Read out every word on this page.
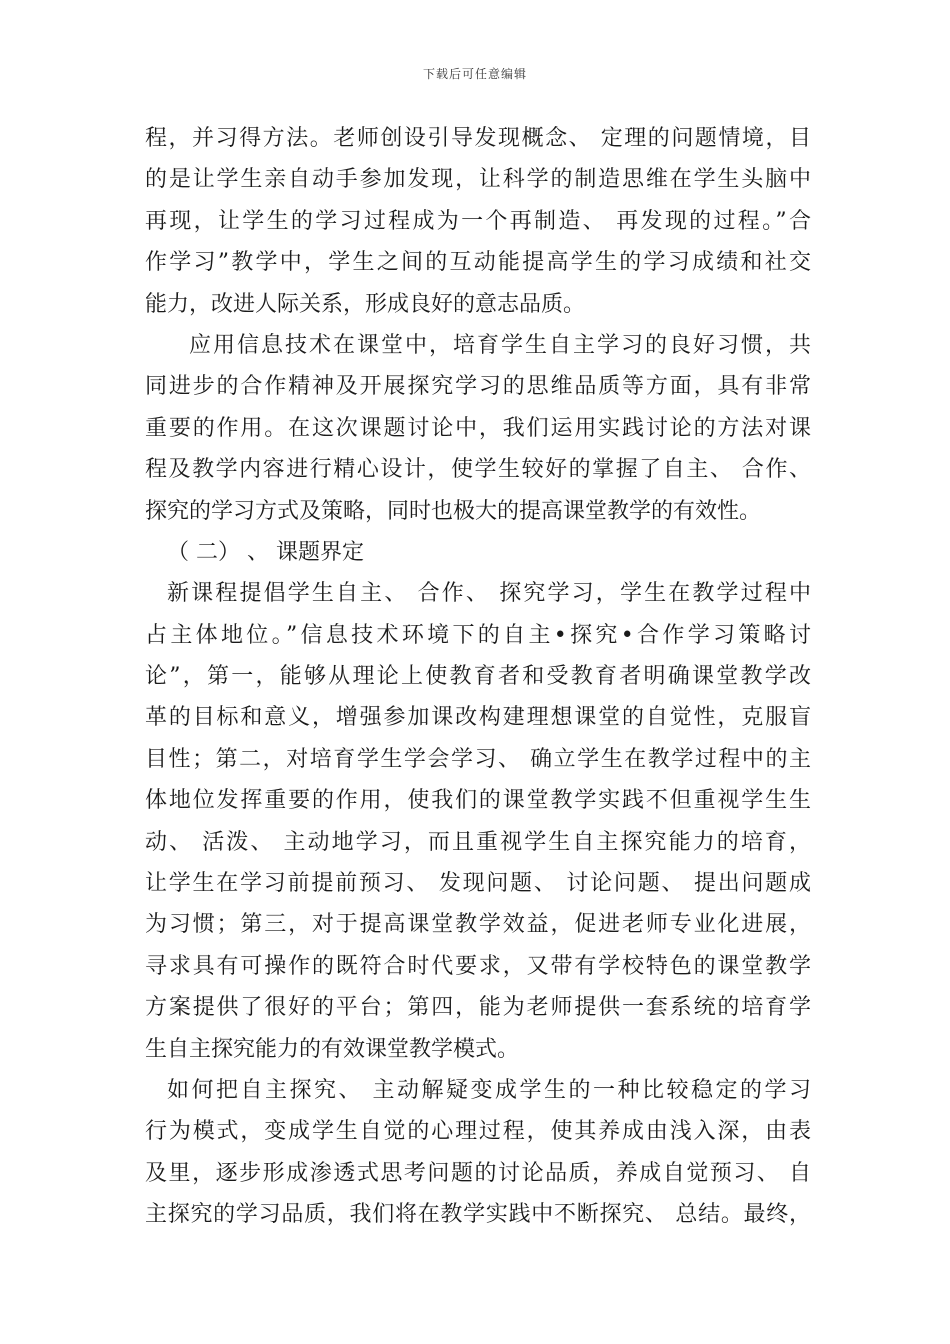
下载后可任意编辑
程，并习得方法。老师创设引导发现概念、 定理的问题情境，目
的是让学生亲自动手参加发现，让科学的制造思维在学生头脑中
再现，让学生的学习过程成为一个再制造、 再发现的过程。”合
作学习”教学中，学生之间的互动能提高学生的学习成绩和社交
能力，改进人际关系，形成良好的意志品质。
应用信息技术在课堂中，培育学生自主学习的良好习惯，共
同进步的合作精神及开展探究学习的思维品质等方面，具有非常
重要的作用。在这次课题讨论中，我们运用实践讨论的方法对课
程及教学内容进行精心设计，使学生较好的掌握了自主、 合作、
探究的学习方式及策略，同时也极大的提高课堂教学的有效性。
（ 二） 、 课题界定
新课程提倡学生自主、 合作、 探究学习，学生在教学过程中
占主体地位。”信息技术环境下的自主•探究•合作学习策略讨
论”，第一，能够从理论上使教育者和受教育者明确课堂教学改
革的目标和意义，增强参加课改构建理想课堂的自觉性，克服盲
目性；第二，对培育学生学会学习、 确立学生在教学过程中的主
体地位发挥重要的作用，使我们的课堂教学实践不但重视学生生
动、 活泼、 主动地学习，而且重视学生自主探究能力的培育，
让学生在学习前提前预习、 发现问题、 讨论问题、 提出问题成
为习惯；第三，对于提高课堂教学效益，促进老师专业化进展，
寻求具有可操作的既符合时代要求，又带有学校特色的课堂教学
方案提供了很好的平台；第四，能为老师提供一套系统的培育学
生自主探究能力的有效课堂教学模式。
如何把自主探究、 主动解疑变成学生的一种比较稳定的学习
行为模式，变成学生自觉的心理过程，使其养成由浅入深，由表
及里，逐步形成渗透式思考问题的讨论品质，养成自觉预习、 自
主探究的学习品质，我们将在教学实践中不断探究、 总结。最终，
